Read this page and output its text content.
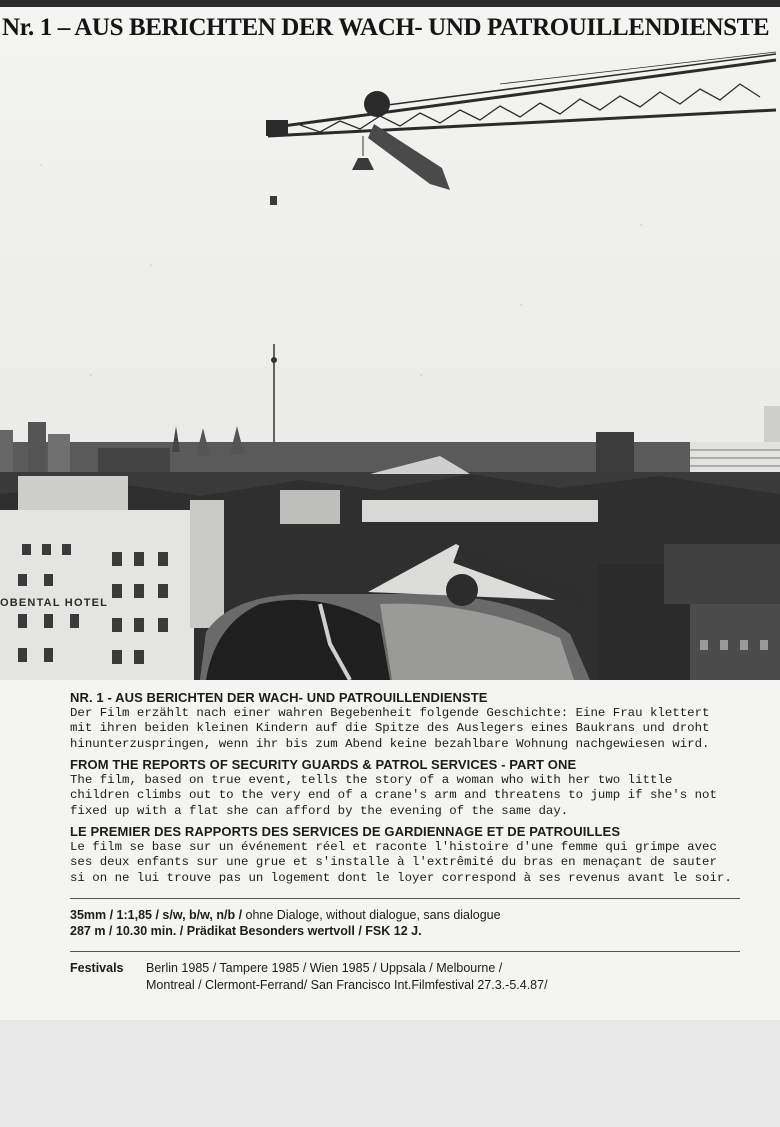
Nr. 1 – AUS BERICHTEN DER WACH- UND PATROUILLENDIENSTE
OBENTAL HOTEL

NR. 1 - AUS BERICHTEN DER WACH- UND PATROUILLENDIENSTE

Der Film erzählt nach einer wahren Begebenheit folgende Geschichte: Eine Frau klettert
mit ihren beiden kleinen Kindern auf die Spitze des Auslegers eines Baukrans und droht
hinunterzuspringen, wenn ihr bis zum Abend keine bezahlbare Wohnung nachgewiesen wird.

FROM THE REPORTS OF SECURITY GUARDS & PATROL SERVICES - PART ONE

The film, based on true event, tells the story of a woman who with her two little
children climbs out to the very end of a crane's arm and threatens to jump if she's not
fixed up with a flat she can afford by the evening of the same day.

LE PREMIER DES RAPPORTS DES SERVICES DE GARDIENNAGE ET DE PATROUILLES

Le film se base sur un événement réel et raconte l'histoire d'une femme qui grimpe avec
ses deux enfants sur une grue et s'installe à l'extrêmité du bras en menaçant de sauter
si on ne lui trouve pas un logement dont le loyer correspond à ses revenus avant le soir.
35mm / 1:1,85 / s/w, b/w, n/b / ohne Dialoge, without dialogue, sans dialogue
287 m / 10.30 min. / Prädikat Besonders wertvoll / FSK 12 J.
Festivals	Berlin 1985 / Tampere 1985 / Wien 1985 / Uppsala / Melbourne /
Montreal / Clermont-Ferrand/ San Francisco Int.Filmfestival 27.3.-5.4.87/
